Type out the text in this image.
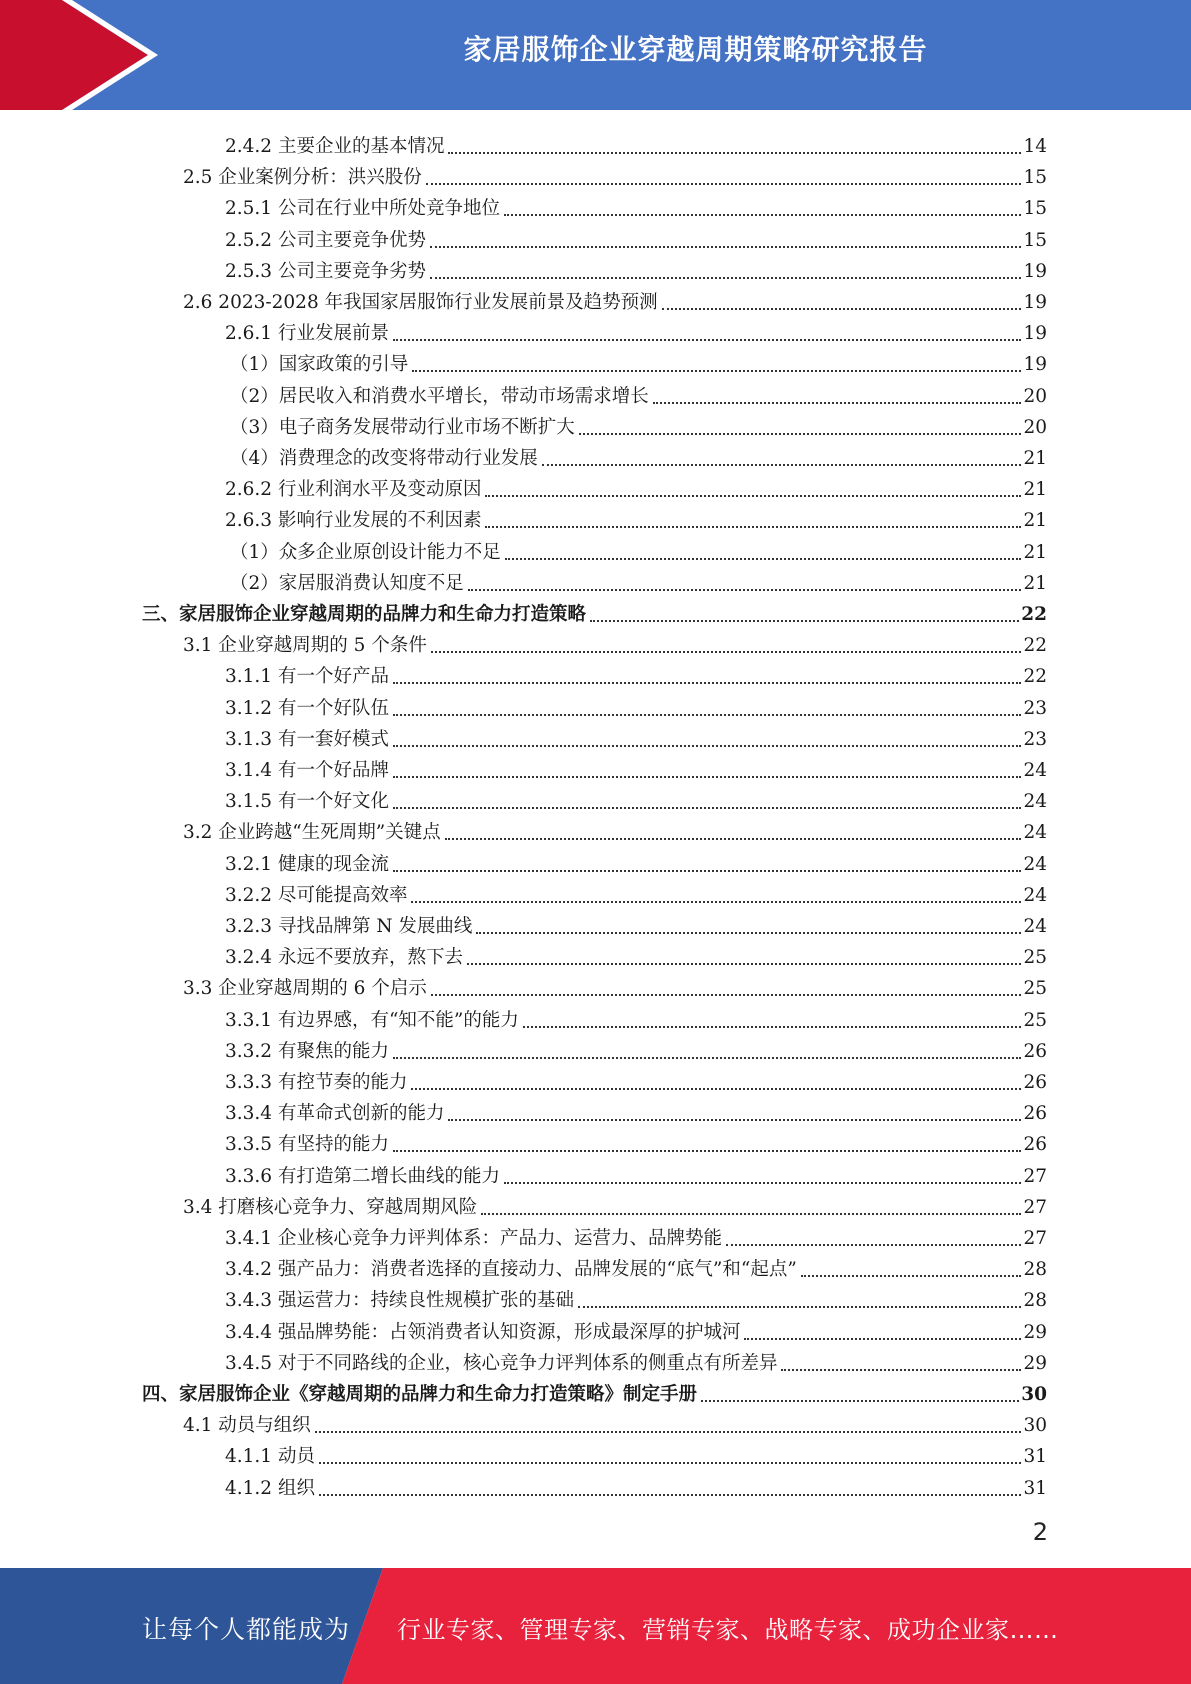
家居服饰企业穿越周期策略研究报告
2.4.2 主要企业的基本情况	14
2.5 企业案例分析：洪兴股份	15
2.5.1 公司在行业中所处竞争地位	15
2.5.2 公司主要竞争优势	15
2.5.3 公司主要竞争劣势	19
2.6 2023-2028 年我国家居服饰行业发展前景及趋势预测	19
2.6.1 行业发展前景	19
（1）国家政策的引导	19
（2）居民收入和消费水平增长，带动市场需求增长	20
（3）电子商务发展带动行业市场不断扩大	20
（4）消费理念的改变将带动行业发展	21
2.6.2 行业利润水平及变动原因	21
2.6.3 影响行业发展的不利因素	21
（1）众多企业原创设计能力不足	21
（2）家居服消费认知度不足	21
三、家居服饰企业穿越周期的品牌力和生命力打造策略	22
3.1 企业穿越周期的 5 个条件	22
3.1.1 有一个好产品	22
3.1.2 有一个好队伍	23
3.1.3 有一套好模式	23
3.1.4 有一个好品牌	24
3.1.5 有一个好文化	24
3.2 企业跨越“生死周期”关键点	24
3.2.1 健康的现金流	24
3.2.2 尽可能提高效率	24
3.2.3 寻找品牌第 N 发展曲线	24
3.2.4 永远不要放弃，熬下去	25
3.3 企业穿越周期的 6 个启示	25
3.3.1 有边界感，有“知不能”的能力	25
3.3.2 有聚焦的能力	26
3.3.3 有控节奏的能力	26
3.3.4 有革命式创新的能力	26
3.3.5 有坚持的能力	26
3.3.6 有打造第二增长曲线的能力	27
3.4 打磨核心竞争力、穿越周期风险	27
3.4.1 企业核心竞争力评判体系：产品力、运营力、品牌势能	27
3.4.2 强产品力：消费者选择的直接动力、品牌发展的“底气”和“起点”	28
3.4.3 强运营力：持续良性规模扩张的基础	28
3.4.4 强品牌势能：占领消费者认知资源，形成最深厚的护城河	29
3.4.5 对于不同路线的企业，核心竞争力评判体系的侧重点有所差异	29
四、家居服饰企业《穿越周期的品牌力和生命力打造策略》制定手册	30
4.1 动员与组织	30
4.1.1 动员	31
4.1.2 组织	31
2
让每个人都能成为 行业专家、管理专家、营销专家、战略专家、成功企业家……
